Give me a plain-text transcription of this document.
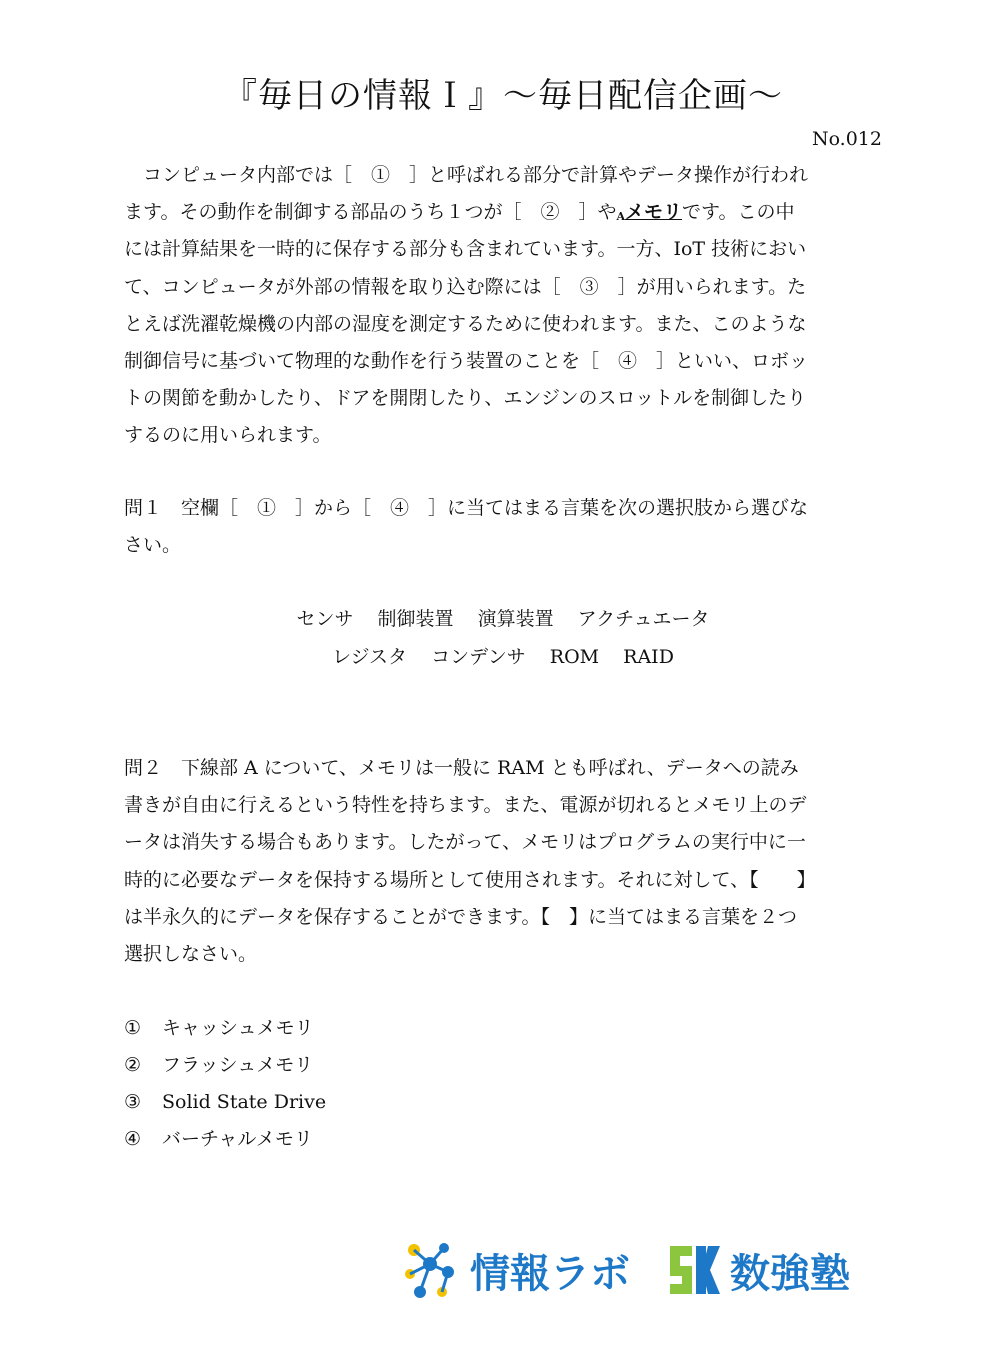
『毎日の情報Ｉ』〜毎日配信企画〜
No.012
　コンピュータ内部では［　①　］と呼ばれる部分で計算やデータ操作が行われ
ます。その動作を制御する部品のうち１つが［　②　］やAメモリです。この中
には計算結果を一時的に保存する部分も含まれています。一方、IoT 技術におい
て、コンピュータが外部の情報を取り込む際には［　③　］が用いられます。た
とえば洗濯乾燥機の内部の湿度を測定するために使われます。また、このような
制御信号に基づいて物理的な動作を行う装置のことを［　④　］といい、ロボッ
トの関節を動かしたり、ドアを開閉したり、エンジンのスロットルを制御したり
するのに用いられます。
問１　空欄［　①　］から［　④　］に当てはまる言葉を次の選択肢から選びな
さい。
センサ 制御装置 演算装置 アクチュエータ
レジスタ コンデンサ ROM RAID
問２　下線部 A について、メモリは一般に RAM とも呼ばれ、データへの読み
書きが自由に行えるという特性を持ちます。また、電源が切れるとメモリ上のデ
ータは消失する場合もあります。したがって、メモリはプログラムの実行中に一
時的に必要なデータを保持する場所として使用されます。それに対して、【　　】
は半永久的にデータを保存することができます。【　】に当てはまる言葉を２つ
選択しなさい。
① キャッシュメモリ
② フラッシュメモリ
③ Solid State Drive
④ バーチャルメモリ
情報ラボ	数強塾
